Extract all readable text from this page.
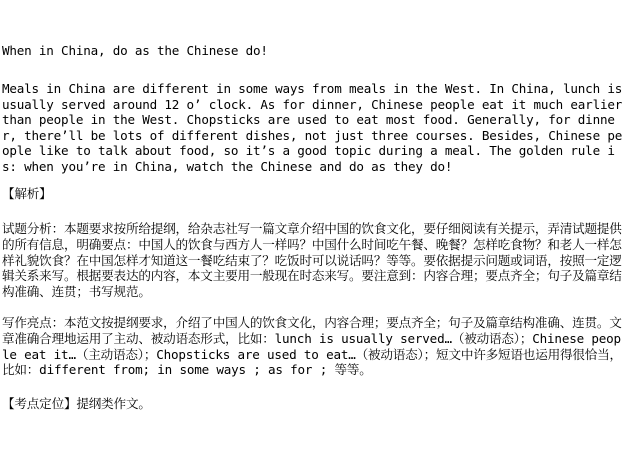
When in China, do as the Chinese do!
Meals in China are different in some ways from meals in the West. In China, lunch is usually served around 12 o’ clock. As for dinner, Chinese people eat it much earlier than people in the West. Chopsticks are used to eat most food. Generally, for dinner, there’ll be lots of different dishes, not just three courses. Besides, Chinese people like to talk about food, so it’s a good topic during a meal. The golden rule is: when you’re in China, watch the Chinese and do as they do!
【解析】
试题分析：本题要求按所给提纲，给杂志社写一篇文章介绍中国的饮食文化，要仔细阅读有关提示，弄清试题提供的所有信息，明确要点：中国人的饮食与西方人一样吗？中国什么时间吃午餐、晚餐？怎样吃食物？和老人一样怎样礼貌饮食？在中国怎样才知道这一餐吃结束了？吃饭时可以说话吗？等等。要依据提示问题或词语，按照一定逻辑关系来写。根据要表达的内容，本文主要用一般现在时态来写。要注意到：内容合理；要点齐全；句子及篇章结构准确、连贯；书写规范。
写作亮点：本范文按提纲要求，介绍了中国人的饮食文化，内容合理；要点齐全；句子及篇章结构准确、连贯。文章准确合理地运用了主动、被动语态形式，比如：lunch is usually served…（被动语态）；Chinese people eat it…（主动语态）；Chopsticks are used to eat…（被动语态）；短文中许多短语也运用得很恰当，比如：different from; in some ways ; as for ; 等等。
【考点定位】提纲类作文。
